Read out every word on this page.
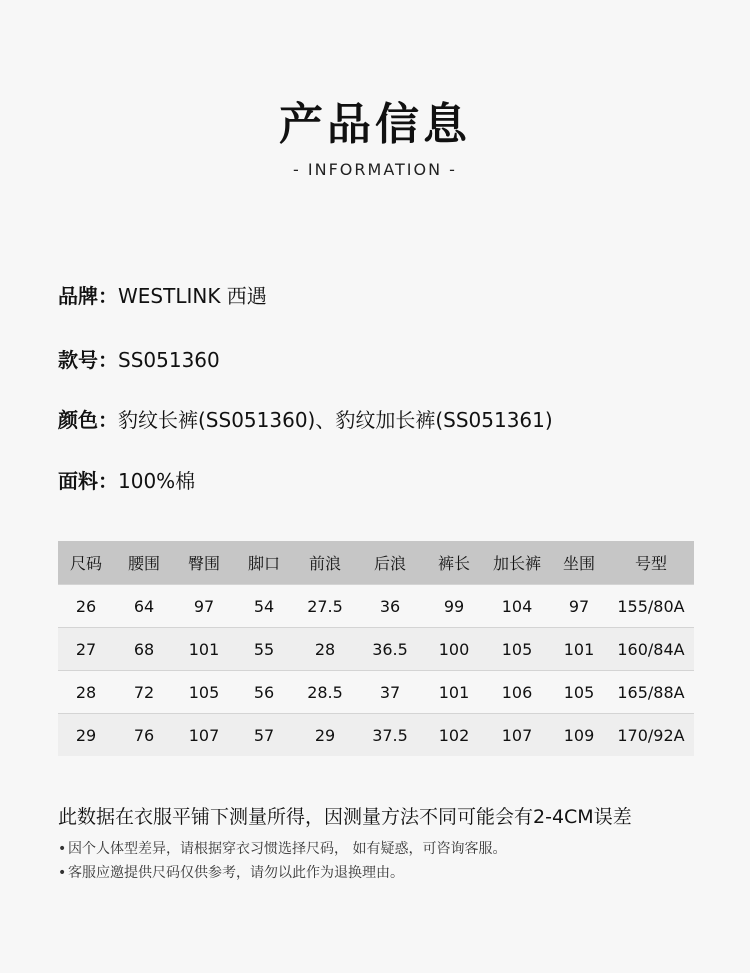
产品信息
- INFORMATION -
品牌：WESTLINK 西遇
款号：SS051360
颜色：豹纹长裤(SS051360)、豹纹加长裤(SS051361)
面料：100%棉
尺码	腰围	臀围	脚口	前浪	后浪	裤长	加长裤	坐围	号型
26	64	97	54	27.5	36	99	104	97	155/80A
27	68	101	55	28	36.5	100	105	101	160/84A
28	72	105	56	28.5	37	101	106	105	165/88A
29	76	107	57	29	37.5	102	107	109	170/92A
此数据在衣服平铺下测量所得，因测量方法不同可能会有2-4CM误差
• 因个人体型差异，请根据穿衣习惯选择尺码， 如有疑惑，可咨询客服。
• 客服应邀提供尺码仅供参考，请勿以此作为退换理由。
